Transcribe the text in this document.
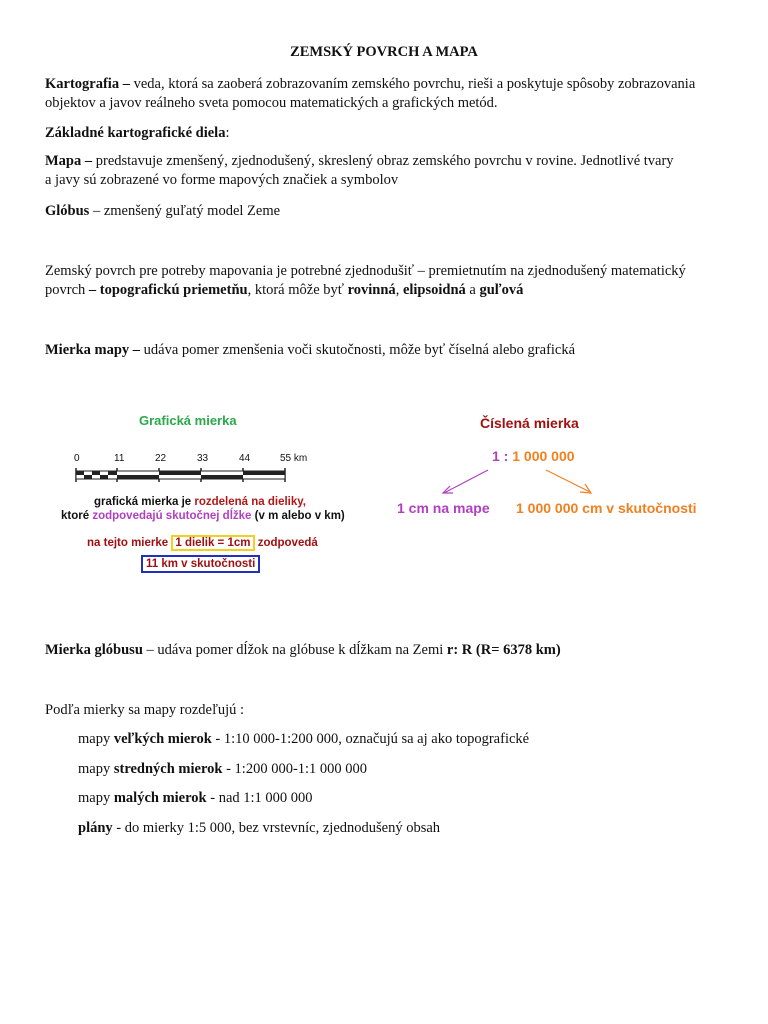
ZEMSKÝ POVRCH A MAPA
Kartografia – veda, ktorá sa zaoberá zobrazovaním zemského povrchu, rieši a poskytuje spôsoby zobrazovania
objektov a javov reálneho sveta pomocou matematických a grafických metód.
Základné kartografické diela:
Mapa – predstavuje zmenšený, zjednodušený, skreslený obraz zemského povrchu v rovine. Jednotlivé tvary
a javy sú zobrazené vo forme mapových značiek a symbolov
Glóbus – zmenšený guľatý model Zeme
Zemský povrch pre potreby mapovania je potrebné zjednodušiť – premietnutím na zjednodušený matematický
povrch – topografickú priemetňu, ktorá môže byť rovinná, elipsoidná a guľová
Mierka mapy – udáva pomer zmenšenia voči skutočnosti, môže byť číselná alebo grafická
Grafická mierka
0	11	22	33	44	55 km
grafická mierka je rozdelená na dieliky,
ktoré zodpovedajú skutočnej dĺžke (v m alebo v km)
na tejto mierke 1 dielik = 1cm zodpovedá
11 km v skutočnosti
Číslená mierka
1 : 1 000 000
1 cm na mape 1 000 000 cm v skutočnosti
Mierka glóbusu – udáva pomer dĺžok na glóbuse k dĺžkam na Zemi r: R (R= 6378 km)
Podľa mierky sa mapy rozdeľujú :
mapy veľkých mierok - 1:10 000-1:200 000, označujú sa aj ako topografické
mapy stredných mierok - 1:200 000-1:1 000 000
mapy malých mierok - nad 1:1 000 000
plány - do mierky 1:5 000, bez vrstevníc, zjednodušený obsah
